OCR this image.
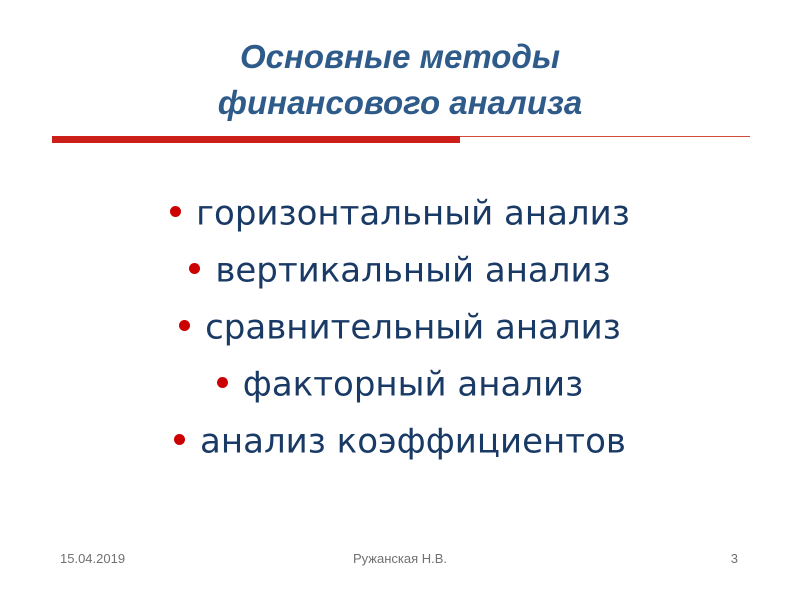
Основные методы
финансового анализа
горизонтальный анализ
вертикальный анализ
сравнительный анализ
факторный анализ
анализ коэффициентов
15.04.2019	Ружанская Н.В.	3
